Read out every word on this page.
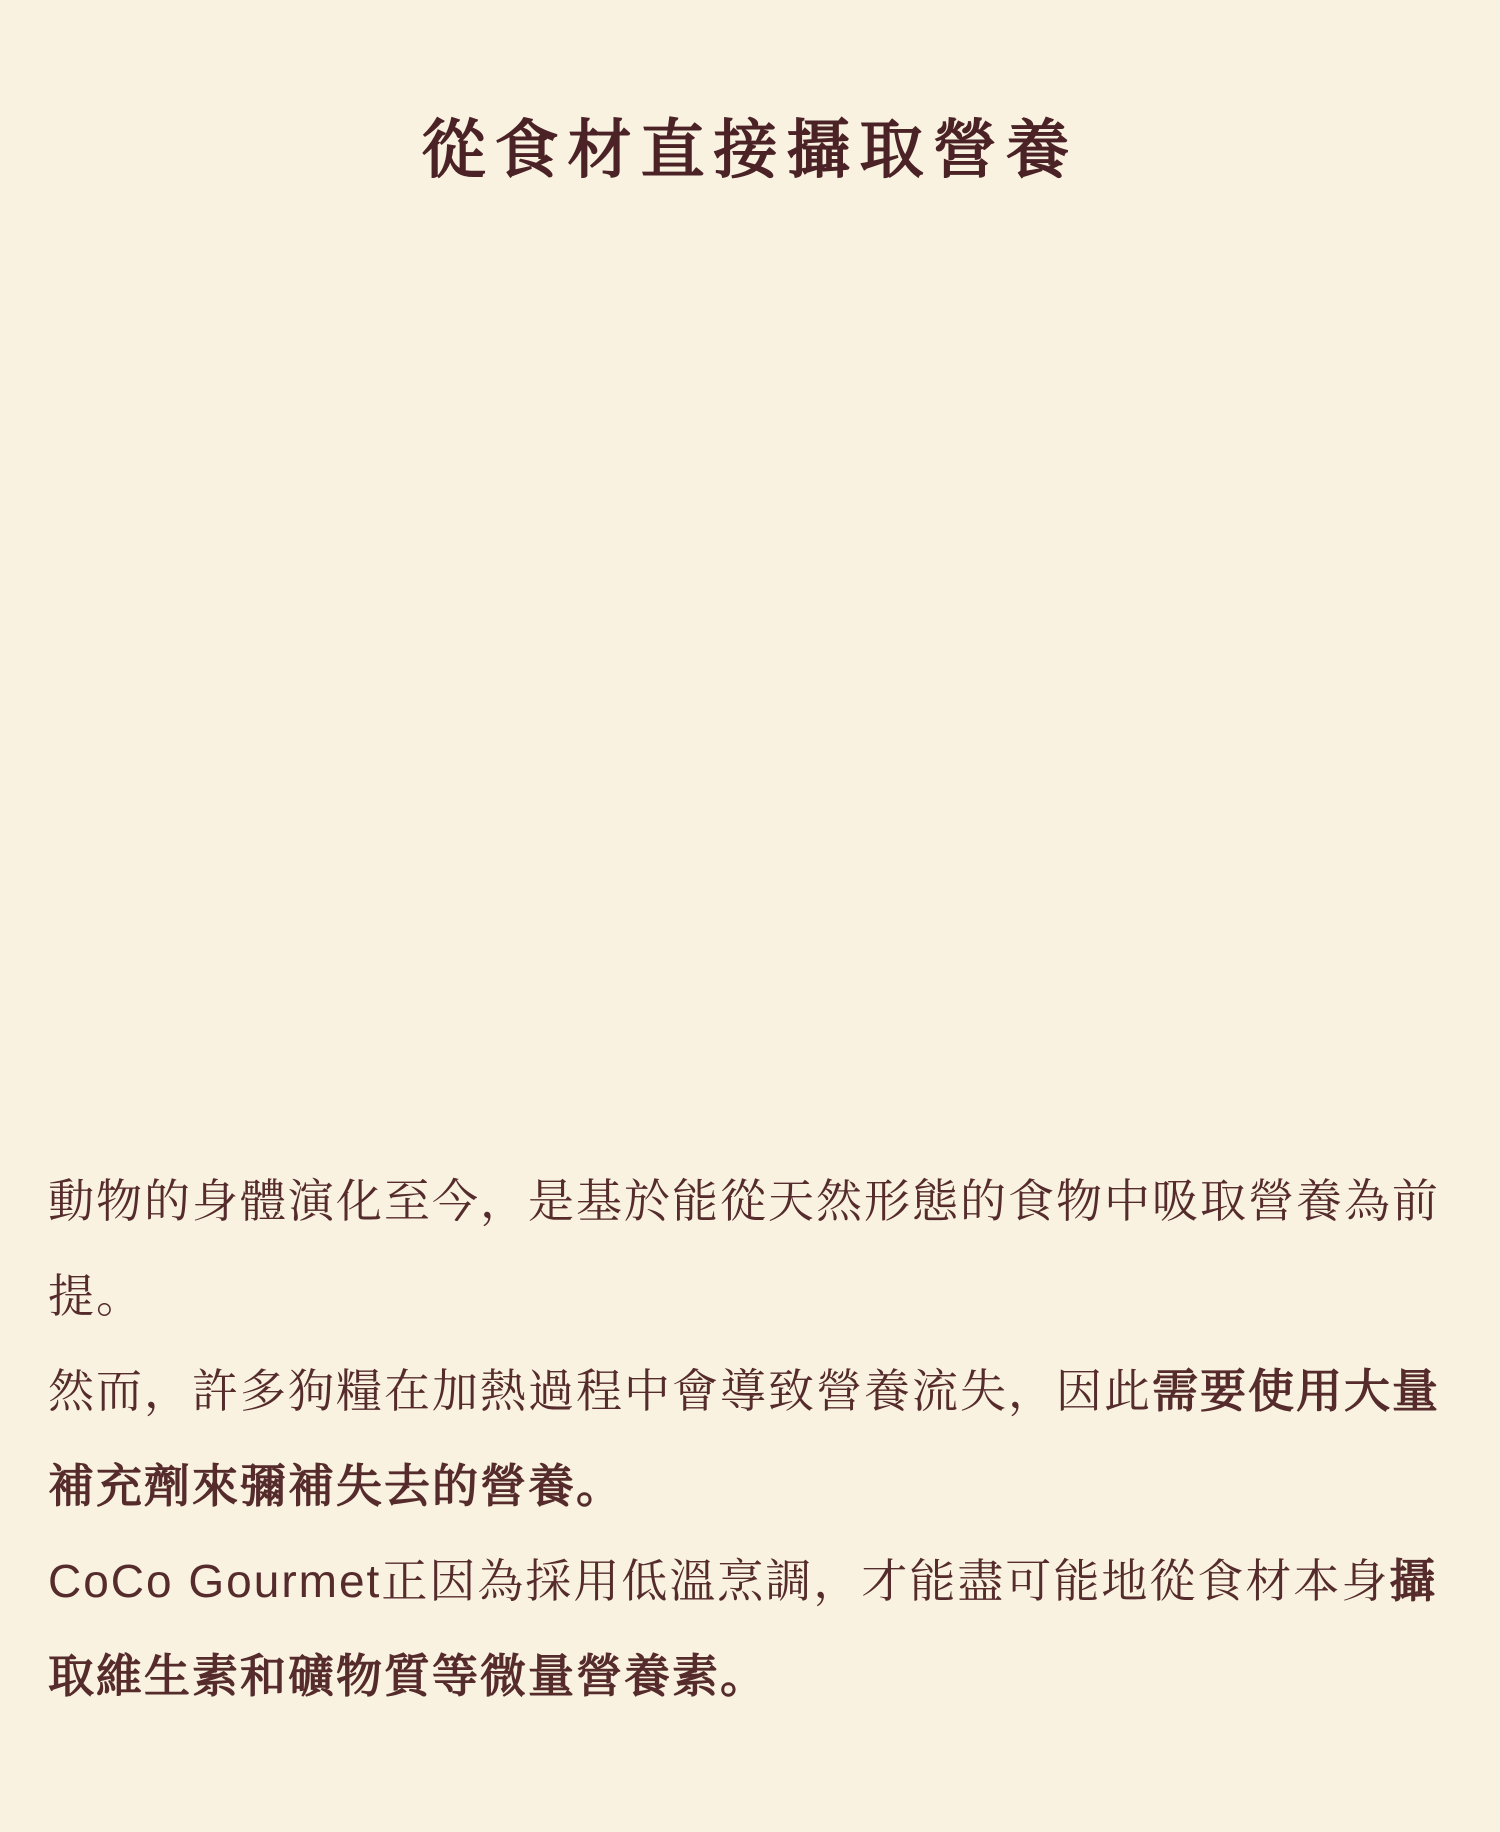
從食材直接攝取營養
動物的身體演化至今，是基於能從天然形態的食物中吸取營養為前提。
然而，許多狗糧在加熱過程中會導致營養流失，因此需要使用大量補充劑來彌補失去的營養。
CoCo Gourmet正因為採用低溫烹調，才能盡可能地從食材本身攝取維生素和礦物質等微量營養素。
